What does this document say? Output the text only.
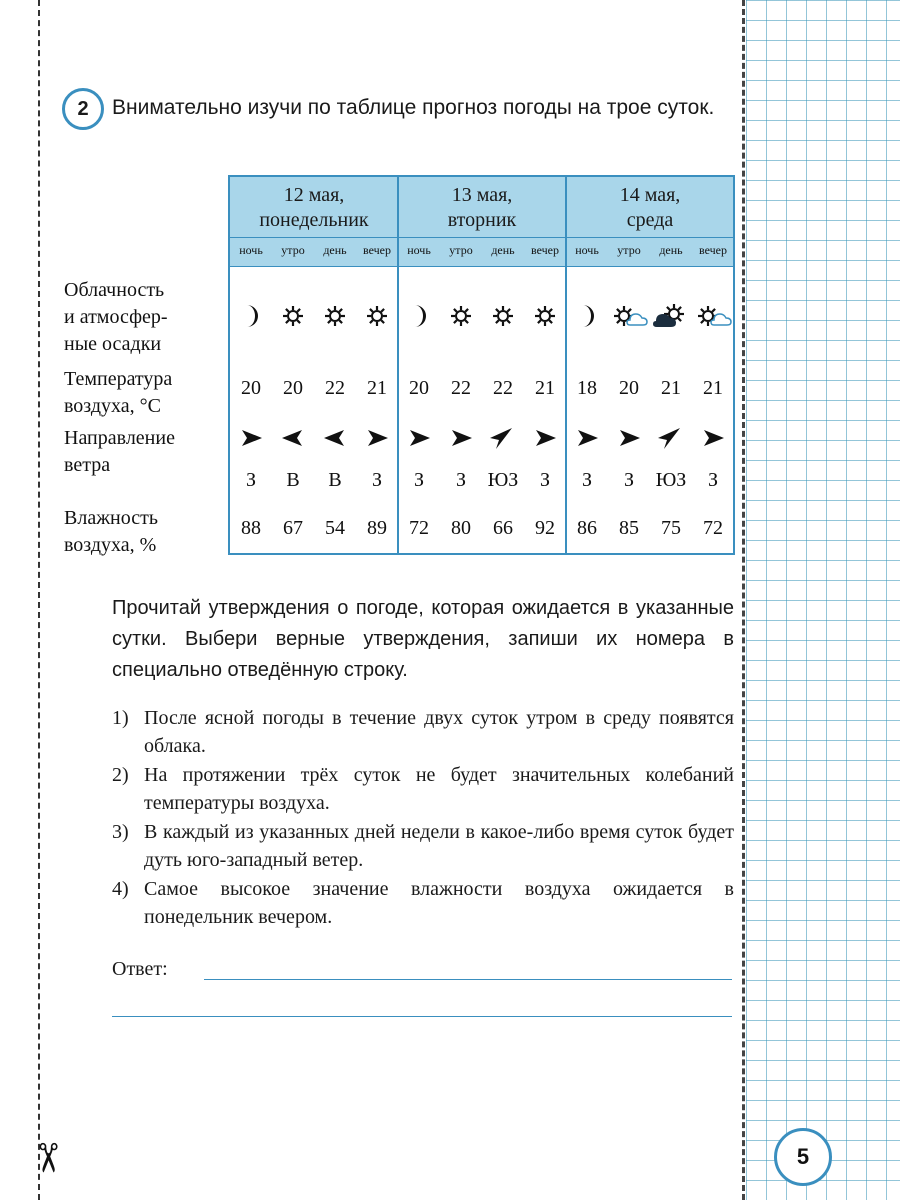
✂
2	Внимательно изучи по таблице прогноз погоды на трое суток.
Облачность
и атмосфер-
ные осадки
Температура
воздуха, °C
Направление
ветра
Влажность
воздуха, %
12 мая,
понедельник
ночь
20
З
88
утро
20
В
67
день
22
В
54
вечер
21
З
89
13 мая,
вторник
ночь
20
З
72
утро
22
З
80
день
22
ЮЗ
66
вечер
21
З
92
14 мая,
среда
ночь
18
З
86
утро
20
З
85
день
21
ЮЗ
75
вечер
21
З
72
Прочитай утверждения о погоде, которая ожидается в указанные сутки. Выбери верные утверждения, запиши их номера в специально отведённую строку.
1) После ясной погоды в течение двух суток утром в среду появятся облака.
2) На протяжении трёх суток не будет значительных колебаний температуры воздуха.
3) В каждый из указанных дней недели в какое-либо время суток будет дуть юго-западный ветер.
4) Самое высокое значение влажности воздуха ожидается в понедельник вечером.
Ответ:
5
